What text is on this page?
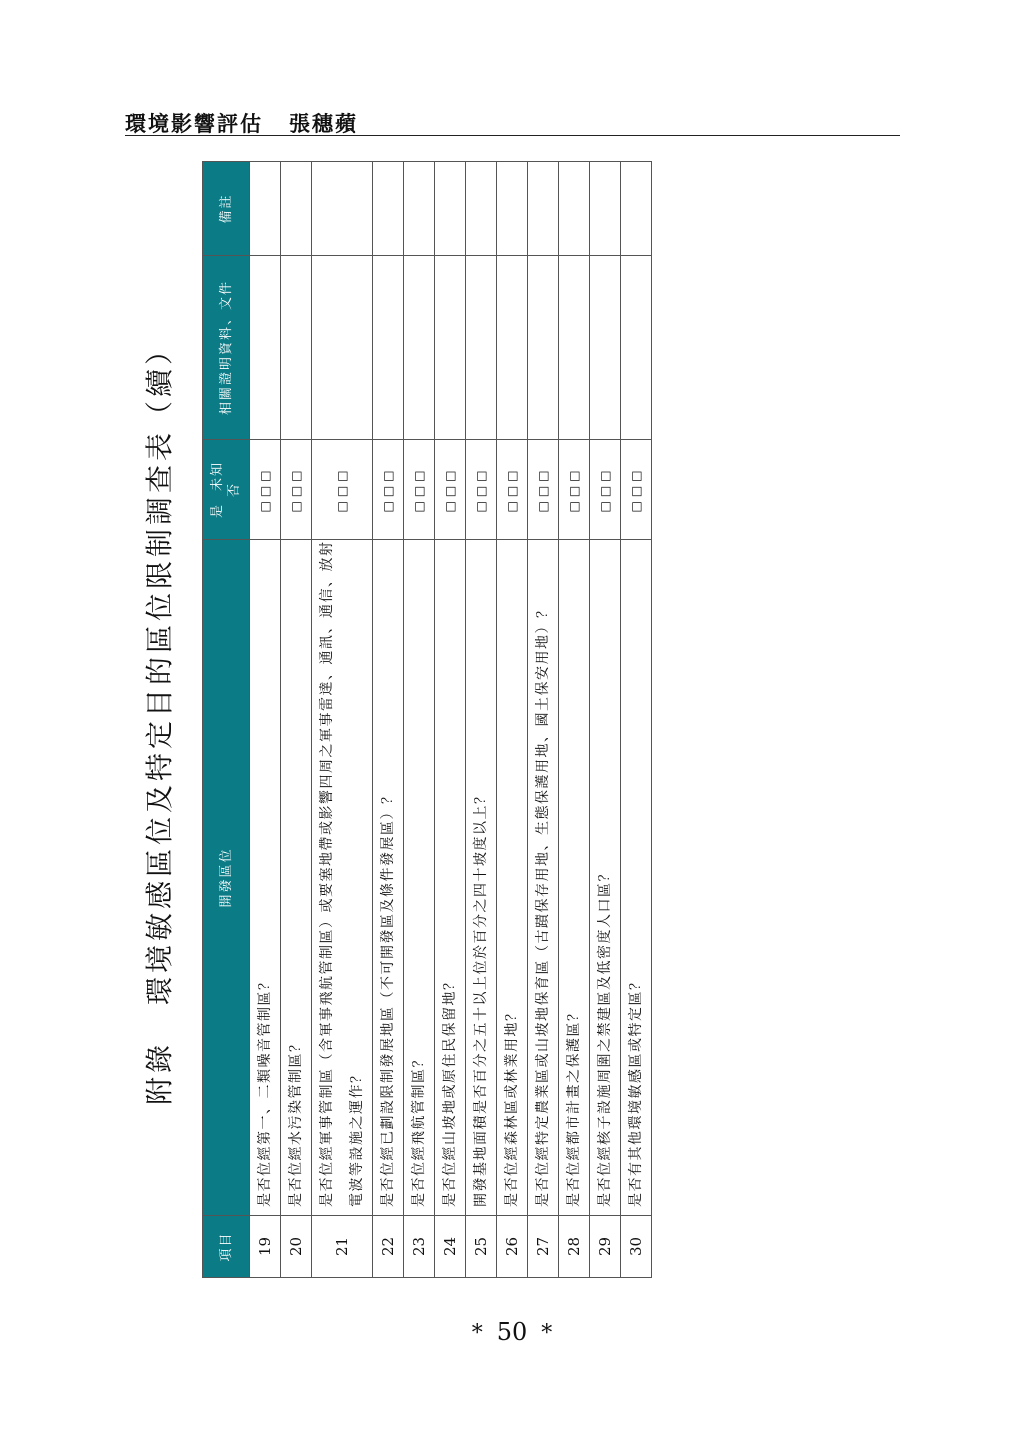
環境影響評估 張穗蘋
附錄環境敏感區位及特定目的區位限制調查表（續）
項目	開發區位	是未知 否	相關證明資料、文件	備註
19	是否位經第一、二類噪音管制區？	□□□		
20	是否位經水污染管制區？	□□□		
21	是否位經軍事管制區（含軍事飛航管制區）或要塞地帶或影響四周之軍事雷達、通訊、通信、放射電波等設施之運作？	□□□		
22	是否位經已劃設限制發展地區（不可開發區及條件發展區）？	□□□		
23	是否位經飛航管制區？	□□□		
24	是否位經山坡地或原住民保留地？	□□□		
25	開發基地面積是否百分之五十以上位於百分之四十坡度以上？	□□□		
26	是否位經森林區或林業用地？	□□□		
27	是否位經特定農業區或山坡地保育區（古蹟保存用地、生態保護用地、國土保安用地）？	□□□		
28	是否位經都市計畫之保護區？	□□□		
29	是否位經核子設施周圍之禁建區及低密度人口區？	□□□		
30	是否有其他環境敏感區或特定區？	□□□		
* 50 *
